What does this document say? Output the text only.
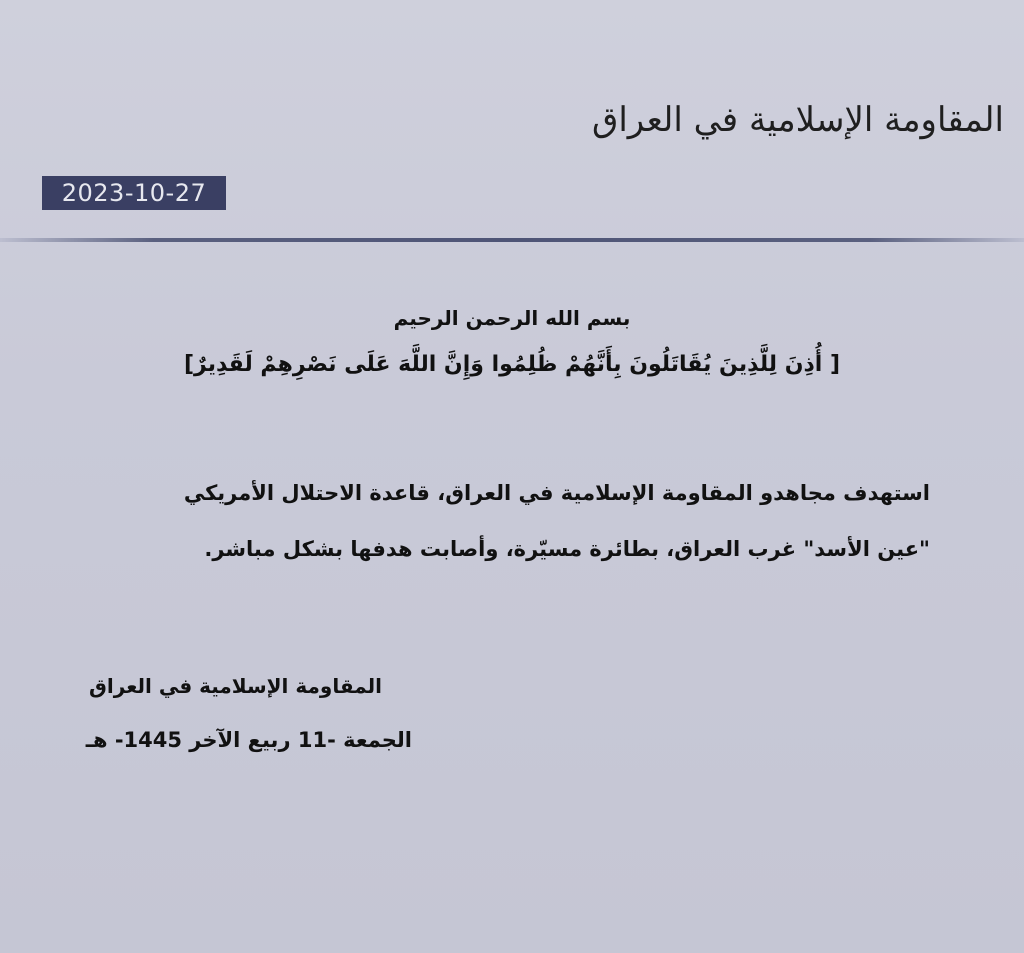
المقاومة الإسلامية في العراق
2023-10-27
بسم الله الرحمن الرحيم
[ أُذِنَ لِلَّذِينَ يُقَاتَلُونَ بِأَنَّهُمْ ظُلِمُوا وَإِنَّ اللَّهَ عَلَى نَصْرِهِمْ لَقَدِيرٌ]

استهدف مجاهدو المقاومة الإسلامية في العراق، قاعدة الاحتلال الأمريكي

"عين الأسد" غرب العراق، بطائرة مسيّرة، وأصابت هدفها بشكل مباشر.

المقاومة الإسلامية في العراق

الجمعة -11 ربيع الآخر 1445- هـ
